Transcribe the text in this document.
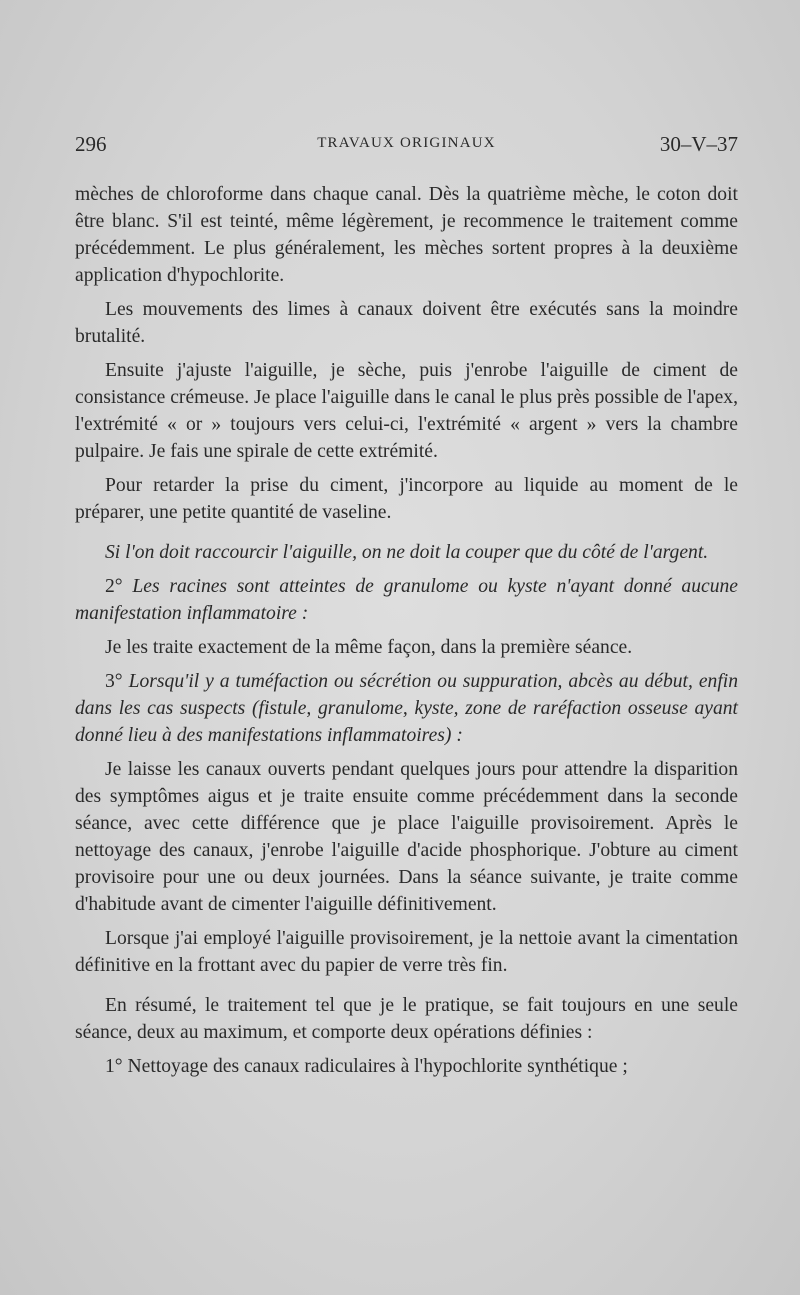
296	TRAVAUX ORIGINAUX	30–V–37

mèches de chloroforme dans chaque canal. Dès la quatrième mèche, le coton doit être blanc. S'il est teinté, même légèrement, je recommence le traitement comme précédemment. Le plus généralement, les mèches sortent propres à la deuxième application d'hypochlorite.

Les mouvements des limes à canaux doivent être exécutés sans la moindre brutalité.

Ensuite j'ajuste l'aiguille, je sèche, puis j'enrobe l'aiguille de ciment de consistance crémeuse. Je place l'aiguille dans le canal le plus près possible de l'apex, l'extrémité « or » toujours vers celui-ci, l'extrémité « argent » vers la chambre pulpaire. Je fais une spirale de cette extrémité.

Pour retarder la prise du ciment, j'incorpore au liquide au moment de le préparer, une petite quantité de vaseline.

Si l'on doit raccourcir l'aiguille, on ne doit la couper que du côté de l'argent.

2° Les racines sont atteintes de granulome ou kyste n'ayant donné aucune manifestation inflammatoire :

Je les traite exactement de la même façon, dans la première séance.

3° Lorsqu'il y a tuméfaction ou sécrétion ou suppuration, abcès au début, enfin dans les cas suspects (fistule, granulome, kyste, zone de raréfaction osseuse ayant donné lieu à des manifestations inflammatoires) :

Je laisse les canaux ouverts pendant quelques jours pour attendre la disparition des symptômes aigus et je traite ensuite comme précédemment dans la seconde séance, avec cette différence que je place l'aiguille provisoirement. Après le nettoyage des canaux, j'enrobe l'aiguille d'acide phosphorique. J'obture au ciment provisoire pour une ou deux journées. Dans la séance suivante, je traite comme d'habitude avant de cimenter l'aiguille définitivement.

Lorsque j'ai employé l'aiguille provisoirement, je la nettoie avant la cimentation définitive en la frottant avec du papier de verre très fin.

En résumé, le traitement tel que je le pratique, se fait toujours en une seule séance, deux au maximum, et comporte deux opérations définies :

1° Nettoyage des canaux radiculaires à l'hypochlorite synthétique ;
